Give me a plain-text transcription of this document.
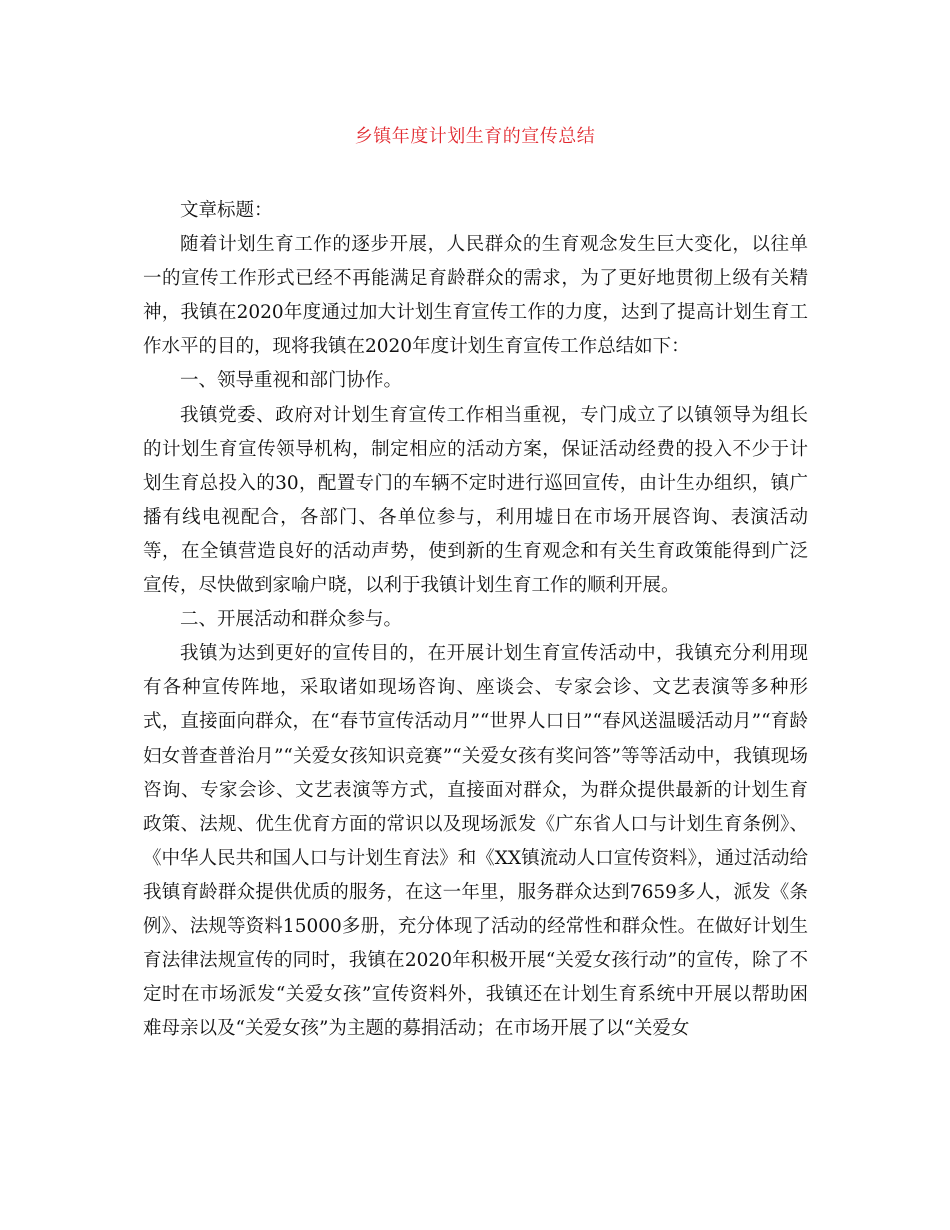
乡镇年度计划生育的宣传总结

文章标题：

随着计划生育工作的逐步开展，人民群众的生育观念发生巨大变化，以往单一的宣传工作形式已经不再能满足育龄群众的需求，为了更好地贯彻上级有关精神，我镇在2020年度通过加大计划生育宣传工作的力度，达到了提高计划生育工作水平的目的，现将我镇在2020年度计划生育宣传工作总结如下：

一、领导重视和部门协作。

我镇党委、政府对计划生育宣传工作相当重视，专门成立了以镇领导为组长的计划生育宣传领导机构，制定相应的活动方案，保证活动经费的投入不少于计划生育总投入的30，配置专门的车辆不定时进行巡回宣传，由计生办组织，镇广播有线电视配合，各部门、各单位参与，利用墟日在市场开展咨询、表演活动等，在全镇营造良好的活动声势，使到新的生育观念和有关生育政策能得到广泛宣传，尽快做到家喻户晓，以利于我镇计划生育工作的顺利开展。

二、开展活动和群众参与。

我镇为达到更好的宣传目的，在开展计划生育宣传活动中，我镇充分利用现有各种宣传阵地，采取诸如现场咨询、座谈会、专家会诊、文艺表演等多种形式，直接面向群众，在“春节宣传活动月”“世界人口日”“春风送温暖活动月”“育龄妇女普查普治月”“关爱女孩知识竞赛”“关爱女孩有奖问答”等等活动中，我镇现场咨询、专家会诊、文艺表演等方式，直接面对群众，为群众提供最新的计划生育政策、法规、优生优育方面的常识以及现场派发《广东省人口与计划生育条例》、《中华人民共和国人口与计划生育法》和《XX镇流动人口宣传资料》，通过活动给我镇育龄群众提供优质的服务，在这一年里，服务群众达到7659多人，派发《条例》、法规等资料15000多册，充分体现了活动的经常性和群众性。在做好计划生育法律法规宣传的同时，我镇在2020年积极开展“关爱女孩行动”的宣传，除了不定时在市场派发“关爱女孩”宣传资料外，我镇还在计划生育系统中开展以帮助困难母亲以及“关爱女孩”为主题的募捐活动；在市场开展了以“关爱女
